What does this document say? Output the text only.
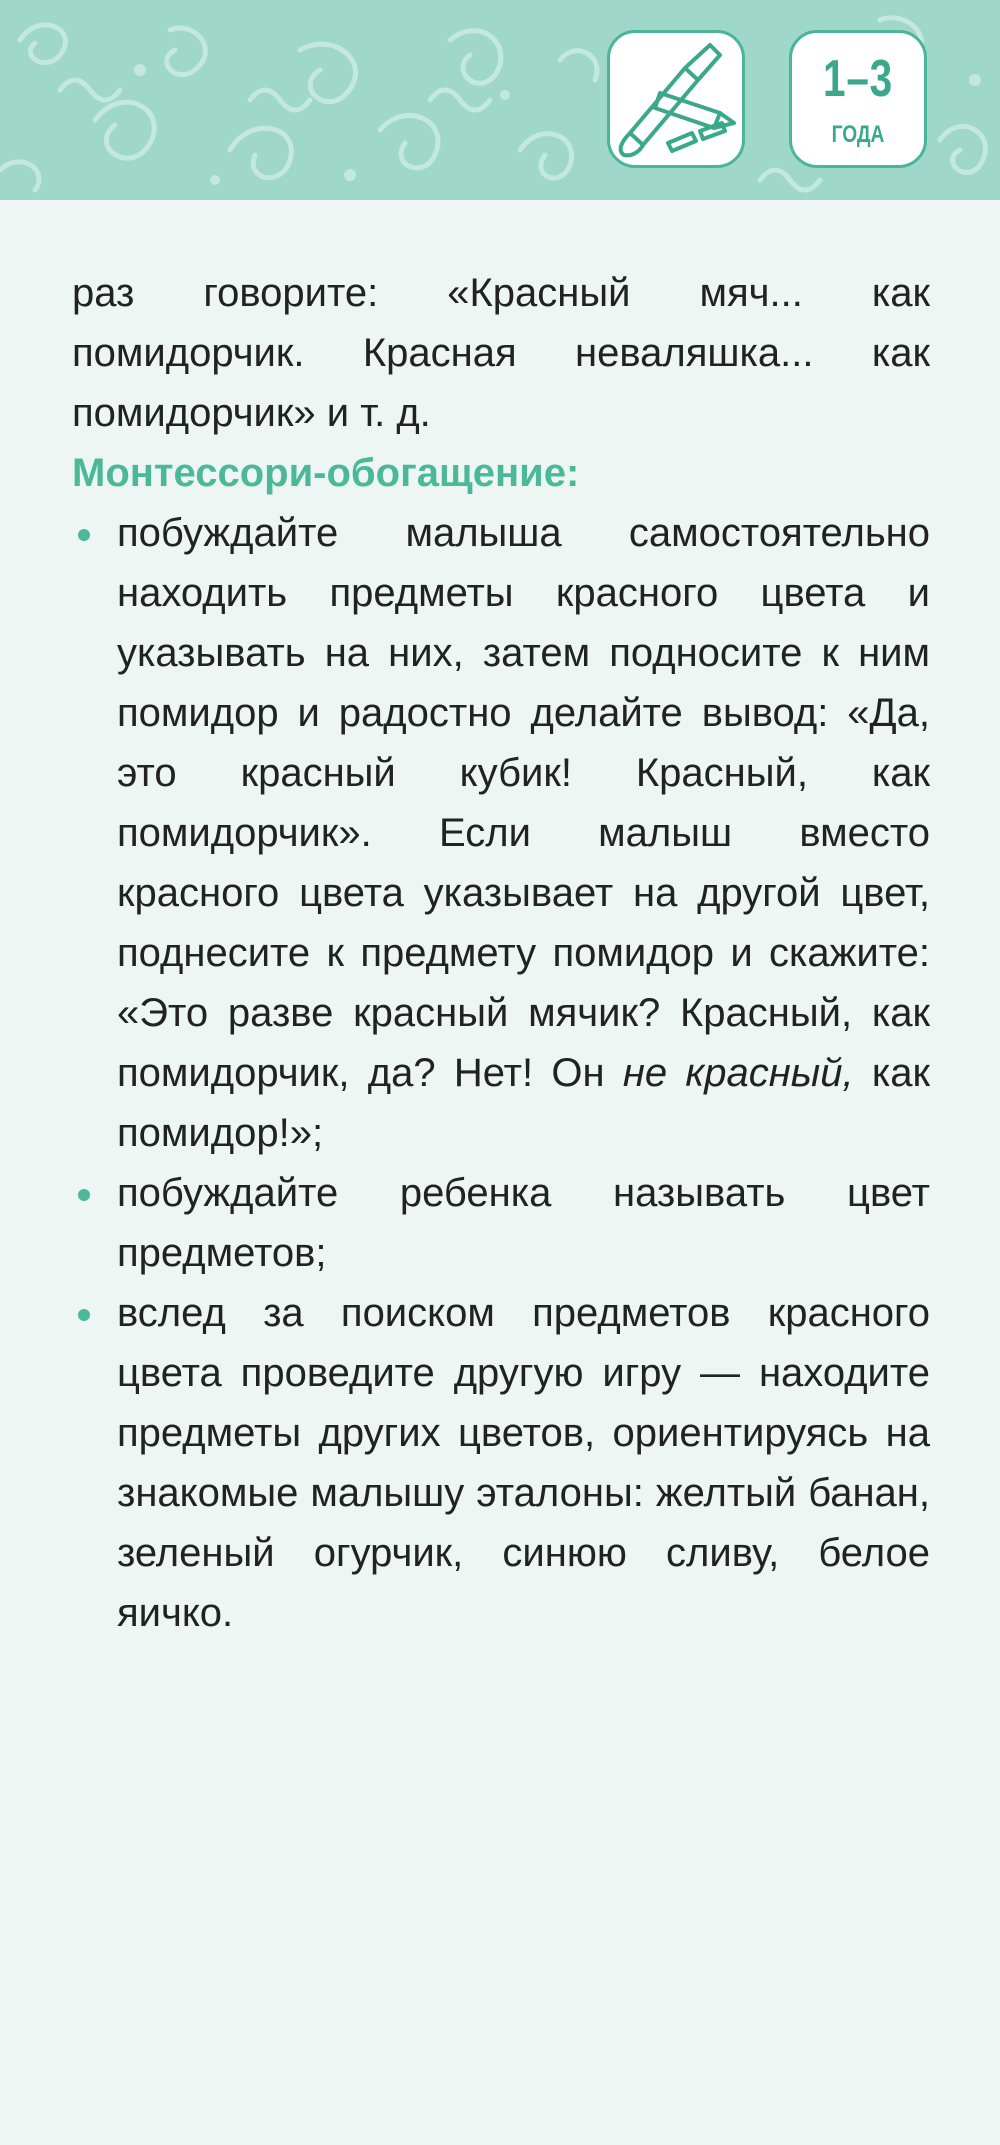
1–3
ГОДА

раз говорите: «Красный мяч... как помидорчик. Красная неваляшка... как помидорчик» и т. д.

Монтессори-обогащение:

побуждайте малыша самостоятельно находить предметы красного цвета и указывать на них, затем подносите к ним помидор и радостно делайте вывод: «Да, это красный кубик! Красный, как помидорчик». Если малыш вместо красного цвета указывает на другой цвет, поднесите к предмету помидор и скажите: «Это разве красный мячик? Красный, как помидорчик, да? Нет! Он не красный, как помидор!»;
побуждайте ребенка называть цвет предметов;
вслед за поиском предметов красного цвета проведите другую игру — находите предметы других цветов, ориентируясь на знакомые малышу эталоны: желтый банан, зеленый огурчик, синюю сливу, белое яичко.
